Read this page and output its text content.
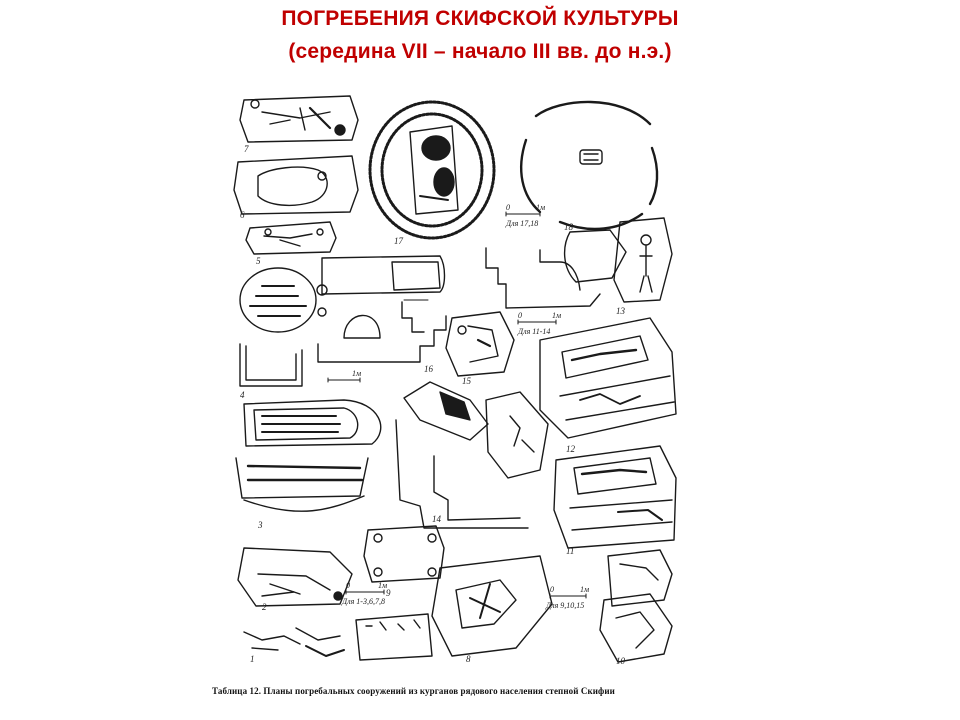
ПОГРЕБЕНИЯ СКИФСКОЙ КУЛЬТУРЫ
(середина VII – начало III вв. до н.э.)
7
6
5
4
3
2
1
17
18
16
15
13
14
12
11
9
10
8
0	1м
Для 17,18
0	1м
Для 11-14
1м
0	1м
Для 1-3,6,7,8
0	1м
Для 9,10,15
Таблица 12. Планы погребальных сооружений из курганов рядового населения степной Скифии
